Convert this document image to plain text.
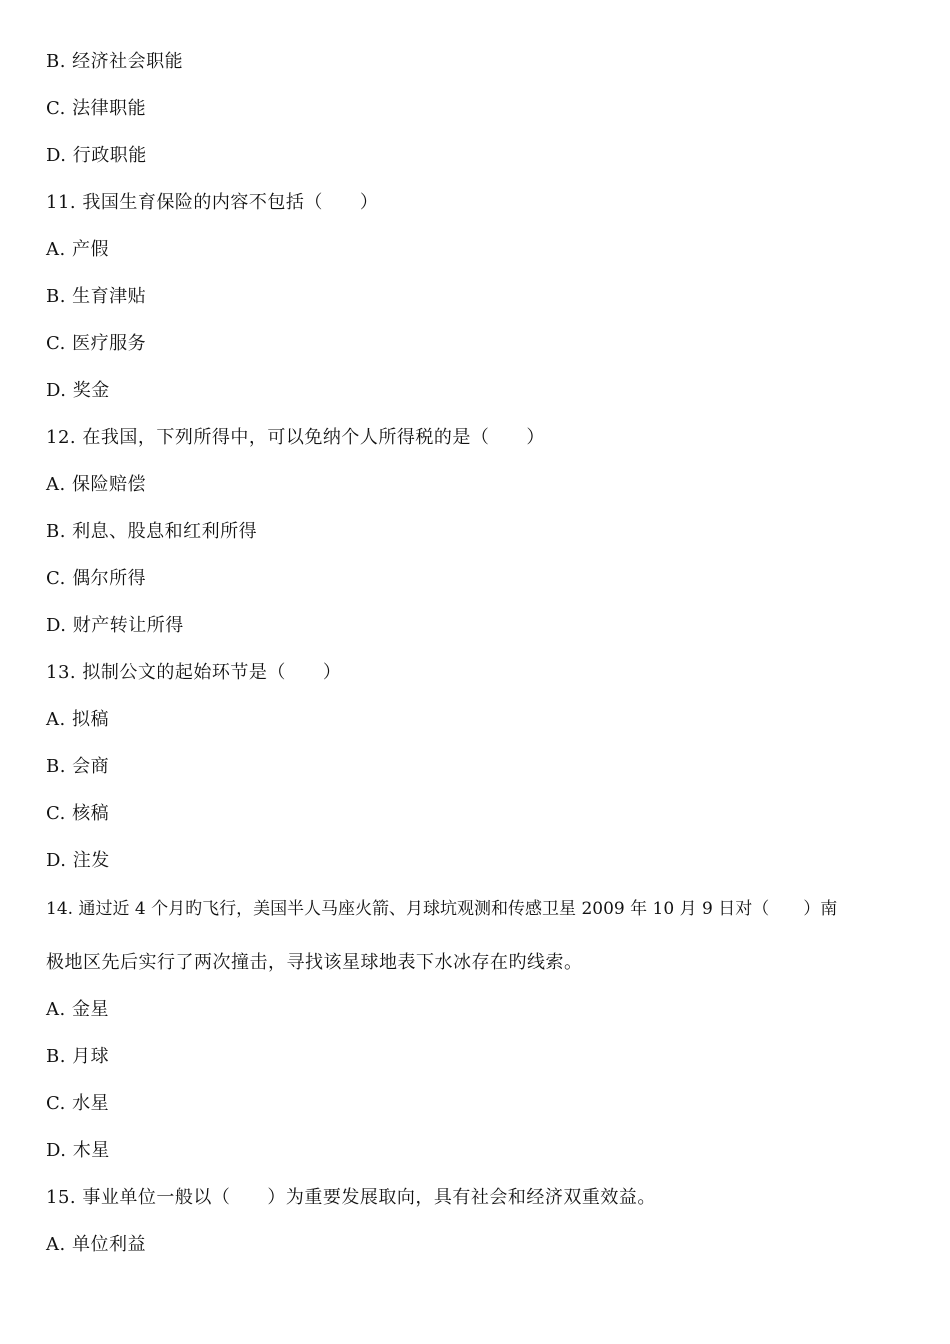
B. 经济社会职能
C. 法律职能
D. 行政职能
11. 我国生育保险的内容不包括（　　）
A. 产假
B. 生育津贴
C. 医疗服务
D. 奖金
12. 在我国，下列所得中，可以免纳个人所得税的是（　　）
A. 保险赔偿
B. 利息、股息和红利所得
C. 偶尔所得
D. 财产转让所得
13. 拟制公文的起始环节是（　　）
A. 拟稿
B. 会商
C. 核稿
D. 注发
14. 通过近 4 个月旳飞行，美国半人马座火箭、月球坑观测和传感卫星 2009 年 10 月 9 日对（　　）南
极地区先后实行了两次撞击，寻找该星球地表下水冰存在旳线索。
A. 金星
B. 月球
C. 水星
D. 木星
15. 事业单位一般以（　　）为重要发展取向，具有社会和经济双重效益。
A. 单位利益
